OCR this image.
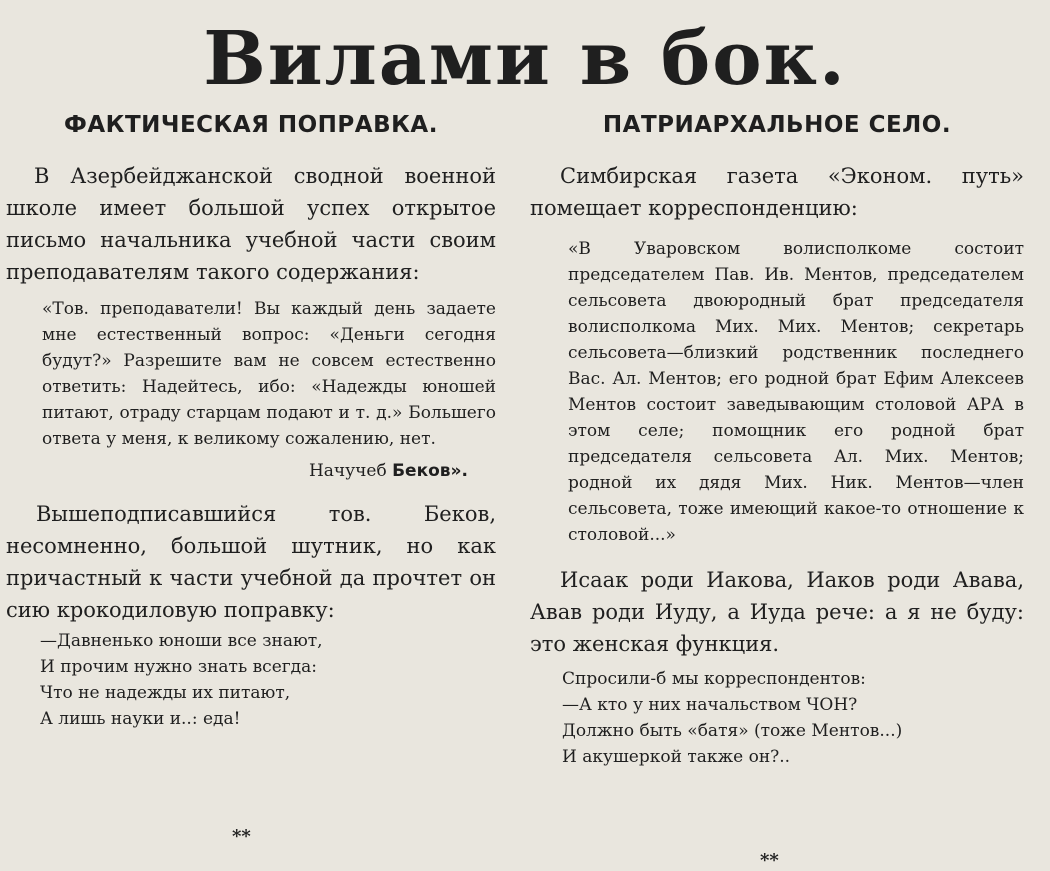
Вилами в бок.
ФАКТИЧЕСКАЯ ПОПРАВКА.

В Азербейджанской сводной военной школе имеет большой успех открытое письмо начальника учебной части своим преподавателям такого содержания:

«Тов. преподаватели! Вы каждый день задаете мне естественный вопрос: «Деньги сегодня будут?» Разрешите вам не совсем естественно ответить: Надейтесь, ибо: «Надежды юношей питают, отраду старцам подают и т. д.» Большего ответа у меня, к великому сожалению, нет.

Начучеб Беков».

Вышеподписавшийся тов. Беков, несомненно, большой шутник, но как причастный к части учебной да прочтет он сию крокодиловую поправку:

—Давненько юноши все знают,
И прочим нужно знать всегда:
Что не надежды их питают,
А лишь науки и..: еда!
ПАТРИАРХАЛЬНОЕ СЕЛО.

Симбирская газета «Эконом. путь» помещает корреспонденцию:

«В Уваровском волисполкоме состоит председателем Пав. Ив. Ментов, председателем сельсовета двоюродный брат председателя волисполкома Мих. Мих. Ментов; секретарь сельсовета—близкий родственник последнего Вас. Ал. Ментов; его родной брат Ефим Алексеев Ментов состоит заведывающим столовой АРА в этом селе; помощник его родной брат председателя сельсовета Ал. Мих. Ментов; родной их дядя Мих. Ник. Ментов—член сельсовета, тоже имеющий какое-то отношение к столовой...»

Исаак роди Иакова, Иаков роди Авава, Авав роди Иуду, а Иуда рече: а я не буду: это женская функция.

Спросили-б мы корреспондентов:
—А кто у них начальством ЧОН?
Должно быть «батя» (тоже Ментов...)
И акушеркой также он?..
**
**
